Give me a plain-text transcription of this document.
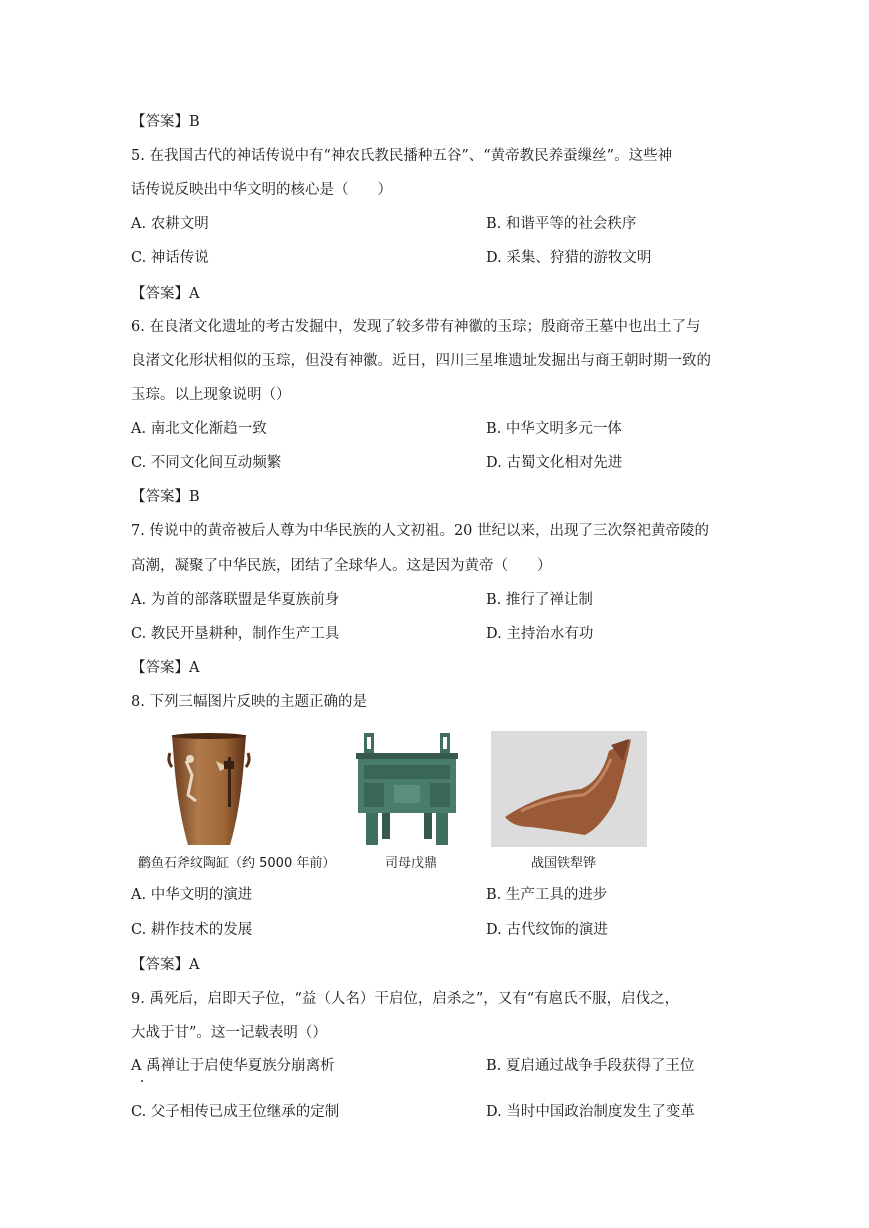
【答案】B
5. 在我国古代的神话传说中有“神农氏教民播种五谷”、“黄帝教民养蚕缫丝”。这些神
话传说反映出中华文明的核心是（　　）
A. 农耕文明	B. 和谐平等的社会秩序
C. 神话传说	D. 采集、狩猎的游牧文明
【答案】A
6. 在良渚文化遗址的考古发掘中，发现了较多带有神徽的玉琮；殷商帝王墓中也出土了与
良渚文化形状相似的玉琮，但没有神徽。近日，四川三星堆遗址发掘出与商王朝时期一致的
玉琮。以上现象说明（）
A. 南北文化渐趋一致	B. 中华文明多元一体
C. 不同文化间互动频繁	D. 古蜀文化相对先进
【答案】B
7. 传说中的黄帝被后人尊为中华民族的人文初祖。20 世纪以来，出现了三次祭祀黄帝陵的
高潮，凝聚了中华民族，团结了全球华人。这是因为黄帝（　　）
A. 为首的部落联盟是华夏族前身	B. 推行了禅让制
C. 教民开垦耕种，制作生产工具	D. 主持治水有功
【答案】A
8. 下列三幅图片反映的主题正确的是
鹳鱼石斧纹陶缸（约 5000 年前）	司母戊鼎	战国铁犁铧
A. 中华文明的演进	B. 生产工具的进步
C. 耕作技术的发展	D. 古代纹饰的演进
【答案】A
9. 禹死后，启即天子位，“益（人名）干启位，启杀之”，又有“有扈氏不服，启伐之，
大战于甘”。这一记载表明（）
A 禹禅让于启使华夏族分崩离析	B. 夏启通过战争手段获得了王位
C. 父子相传已成王位继承的定制	D. 当时中国政治制度发生了变革
